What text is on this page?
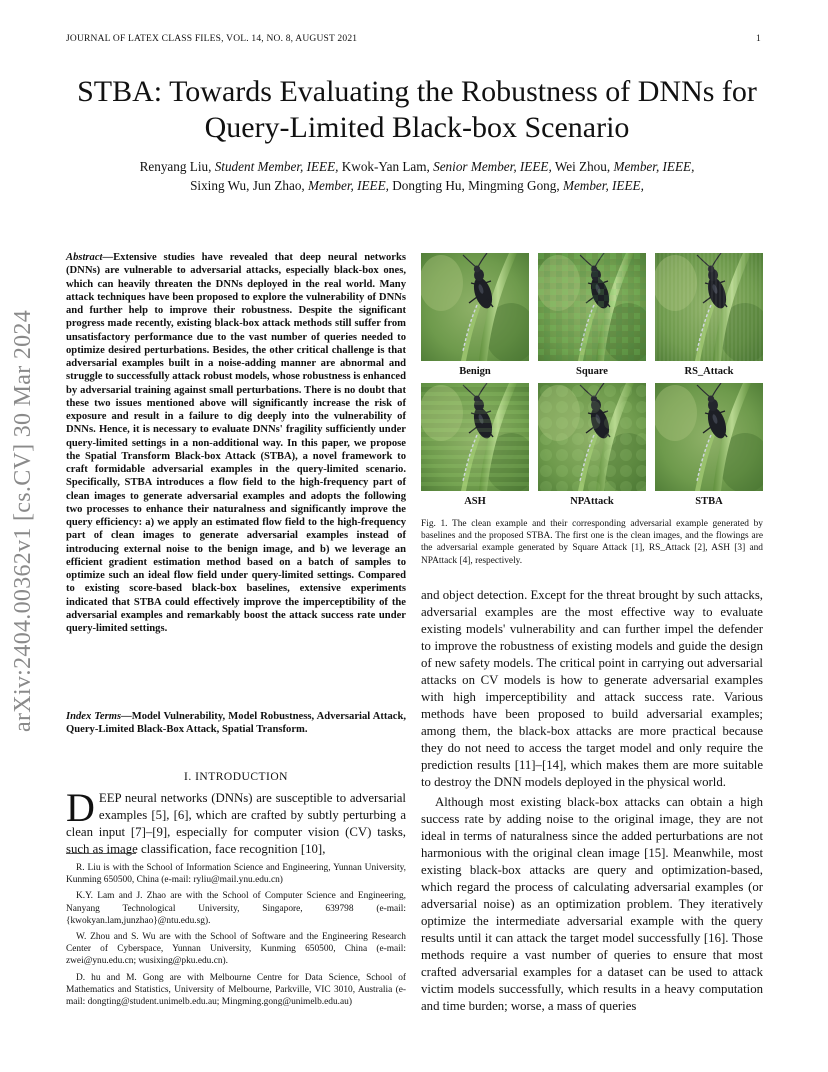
JOURNAL OF LATEX CLASS FILES, VOL. 14, NO. 8, AUGUST 2021	1
arXiv:2404.00362v1 [cs.CV] 30 Mar 2024
STBA: Towards Evaluating the Robustness of DNNs for Query-Limited Black-box Scenario
Renyang Liu, Student Member, IEEE, Kwok-Yan Lam, Senior Member, IEEE, Wei Zhou, Member, IEEE,
Sixing Wu, Jun Zhao, Member, IEEE, Dongting Hu, Mingming Gong, Member, IEEE,
Abstract—Extensive studies have revealed that deep neural networks (DNNs) are vulnerable to adversarial attacks, especially black-box ones, which can heavily threaten the DNNs deployed in the real world. Many attack techniques have been proposed to explore the vulnerability of DNNs and further help to improve their robustness. Despite the significant progress made recently, existing black-box attack methods still suffer from unsatisfactory performance due to the vast number of queries needed to optimize desired perturbations. Besides, the other critical challenge is that adversarial examples built in a noise-adding manner are abnormal and struggle to successfully attack robust models, whose robustness is enhanced by adversarial training against small perturbations. There is no doubt that these two issues mentioned above will significantly increase the risk of exposure and result in a failure to dig deeply into the vulnerability of DNNs. Hence, it is necessary to evaluate DNNs' fragility sufficiently under query-limited settings in a non-additional way. In this paper, we propose the Spatial Transform Black-box Attack (STBA), a novel framework to craft formidable adversarial examples in the query-limited scenario. Specifically, STBA introduces a flow field to the high-frequency part of clean images to generate adversarial examples and adopts the following two processes to enhance their naturalness and significantly improve the query efficiency: a) we apply an estimated flow field to the high-frequency part of clean images to generate adversarial examples instead of introducing external noise to the benign image, and b) we leverage an efficient gradient estimation method based on a batch of samples to optimize such an ideal flow field under query-limited settings. Compared to existing score-based black-box baselines, extensive experiments indicated that STBA could effectively improve the imperceptibility of the adversarial examples and remarkably boost the attack success rate under query-limited settings.
Index Terms—Model Vulnerability, Model Robustness, Adversarial Attack, Query-Limited Black-Box Attack, Spatial Transform.
I. INTRODUCTION
DEEP neural networks (DNNs) are susceptible to adversarial examples [5], [6], which are crafted by subtly perturbing a clean input [7]–[9], especially for computer vision (CV) tasks, such as image classification, face recognition [10],

R. Liu is with the School of Information Science and Engineering, Yunnan University, Kunming 650500, China (e-mail: ryliu@mail.ynu.edu.cn)

K.Y. Lam and J. Zhao are with the School of Computer Science and Engineering, Nanyang Technological University, Singapore, 639798 (e-mail: {kwokyan.lam,junzhao}@ntu.edu.sg).

W. Zhou and S. Wu are with the School of Software and the Engineering Research Center of Cyberspace, Yunnan University, Kunming 650500, China (e-mail: zwei@ynu.edu.cn; wusixing@pku.edu.cn).

D. hu and M. Gong are with Melbourne Centre for Data Science, School of Mathematics and Statistics, University of Melbourne, Parkville, VIC 3010, Australia (e-mail: dongting@student.unimelb.edu.au; Mingming.gong@unimelb.edu.au)

Benign	Square	RS_Attack
ASH	NPAttack	STBA
Fig. 1. The clean example and their corresponding adversarial example generated by baselines and the proposed STBA. The first one is the clean images, and the flowings are the adversarial example generated by Square Attack [1], RS_Attack [2], ASH [3] and NPAttack [4], respectively.

and object detection. Except for the threat brought by such attacks, adversarial examples are the most effective way to evaluate existing models' vulnerability and can further impel the defender to improve the robustness of existing models and guide the design of new safety models. The critical point in carrying out adversarial attacks on CV models is how to generate adversarial examples with high imperceptibility and attack success rate. Various methods have been proposed to build adversarial examples; among them, the black-box attacks are more practical because they do not need to access the target model and only require the prediction results [11]–[14], which makes them are more suitable to destroy the DNN models deployed in the physical world.

Although most existing black-box attacks can obtain a high success rate by adding noise to the original image, they are not ideal in terms of naturalness since the added perturbations are not harmonious with the original clean image [15]. Meanwhile, most existing black-box attacks are query and optimization-based, which regard the process of calculating adversarial examples (or adversarial noise) as an optimization problem. They iteratively optimize the intermediate adversarial example with the query results until it can attack the target model successfully [16]. Those methods require a vast number of queries to ensure that most crafted adversarial examples for a dataset can be used to attack victim models successfully, which results in a heavy computation and time burden; worse, a mass of queries
